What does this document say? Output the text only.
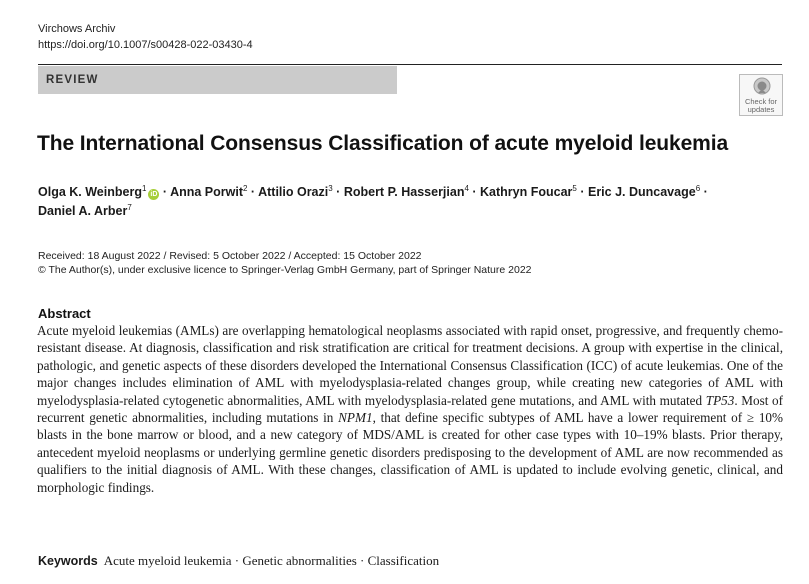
Virchows Archiv
https://doi.org/10.1007/s00428-022-03430-4
REVIEW
Check for
updates
The International Consensus Classification of acute myeloid leukemia
Olga K. Weinberg$^1$iD · Anna Porwit$^2$ · Attilio Orazi$^3$ · Robert P. Hasserjian$^4$ · Kathryn Foucar$^5$ · Eric J. Duncavage$^6$ ·
Daniel A. Arber$^7$
Received: 18 August 2022 / Revised: 5 October 2022 / Accepted: 15 October 2022
© The Author(s), under exclusive licence to Springer-Verlag GmbH Germany, part of Springer Nature 2022
Abstract
Acute myeloid leukemias (AMLs) are overlapping hematological neoplasms associated with rapid onset, progressive, and frequently chemo-resistant disease. At diagnosis, classification and risk stratification are critical for treatment decisions. A group with expertise in the clinical, pathologic, and genetic aspects of these disorders developed the International Consensus Classification (ICC) of acute leukemias. One of the major changes includes elimination of AML with myelodysplasia-related changes group, while creating new categories of AML with myelodysplasia-related cytogenetic abnormalities, AML with myelodysplasia-related gene mutations, and AML with mutated TP53. Most of recurrent genetic abnormalities, including mutations in NPM1, that define specific subtypes of AML have a lower requirement of ≥ 10% blasts in the bone marrow or blood, and a new category of MDS/AML is created for other case types with 10–19% blasts. Prior therapy, antecedent myeloid neoplasms or underlying germline genetic disorders predisposing to the development of AML are now recommended as qualifiers to the initial diagnosis of AML. With these changes, classification of AML is updated to include evolving genetic, clinical, and morphologic findings.
Keywords Acute myeloid leukemia · Genetic abnormalities · Classification
